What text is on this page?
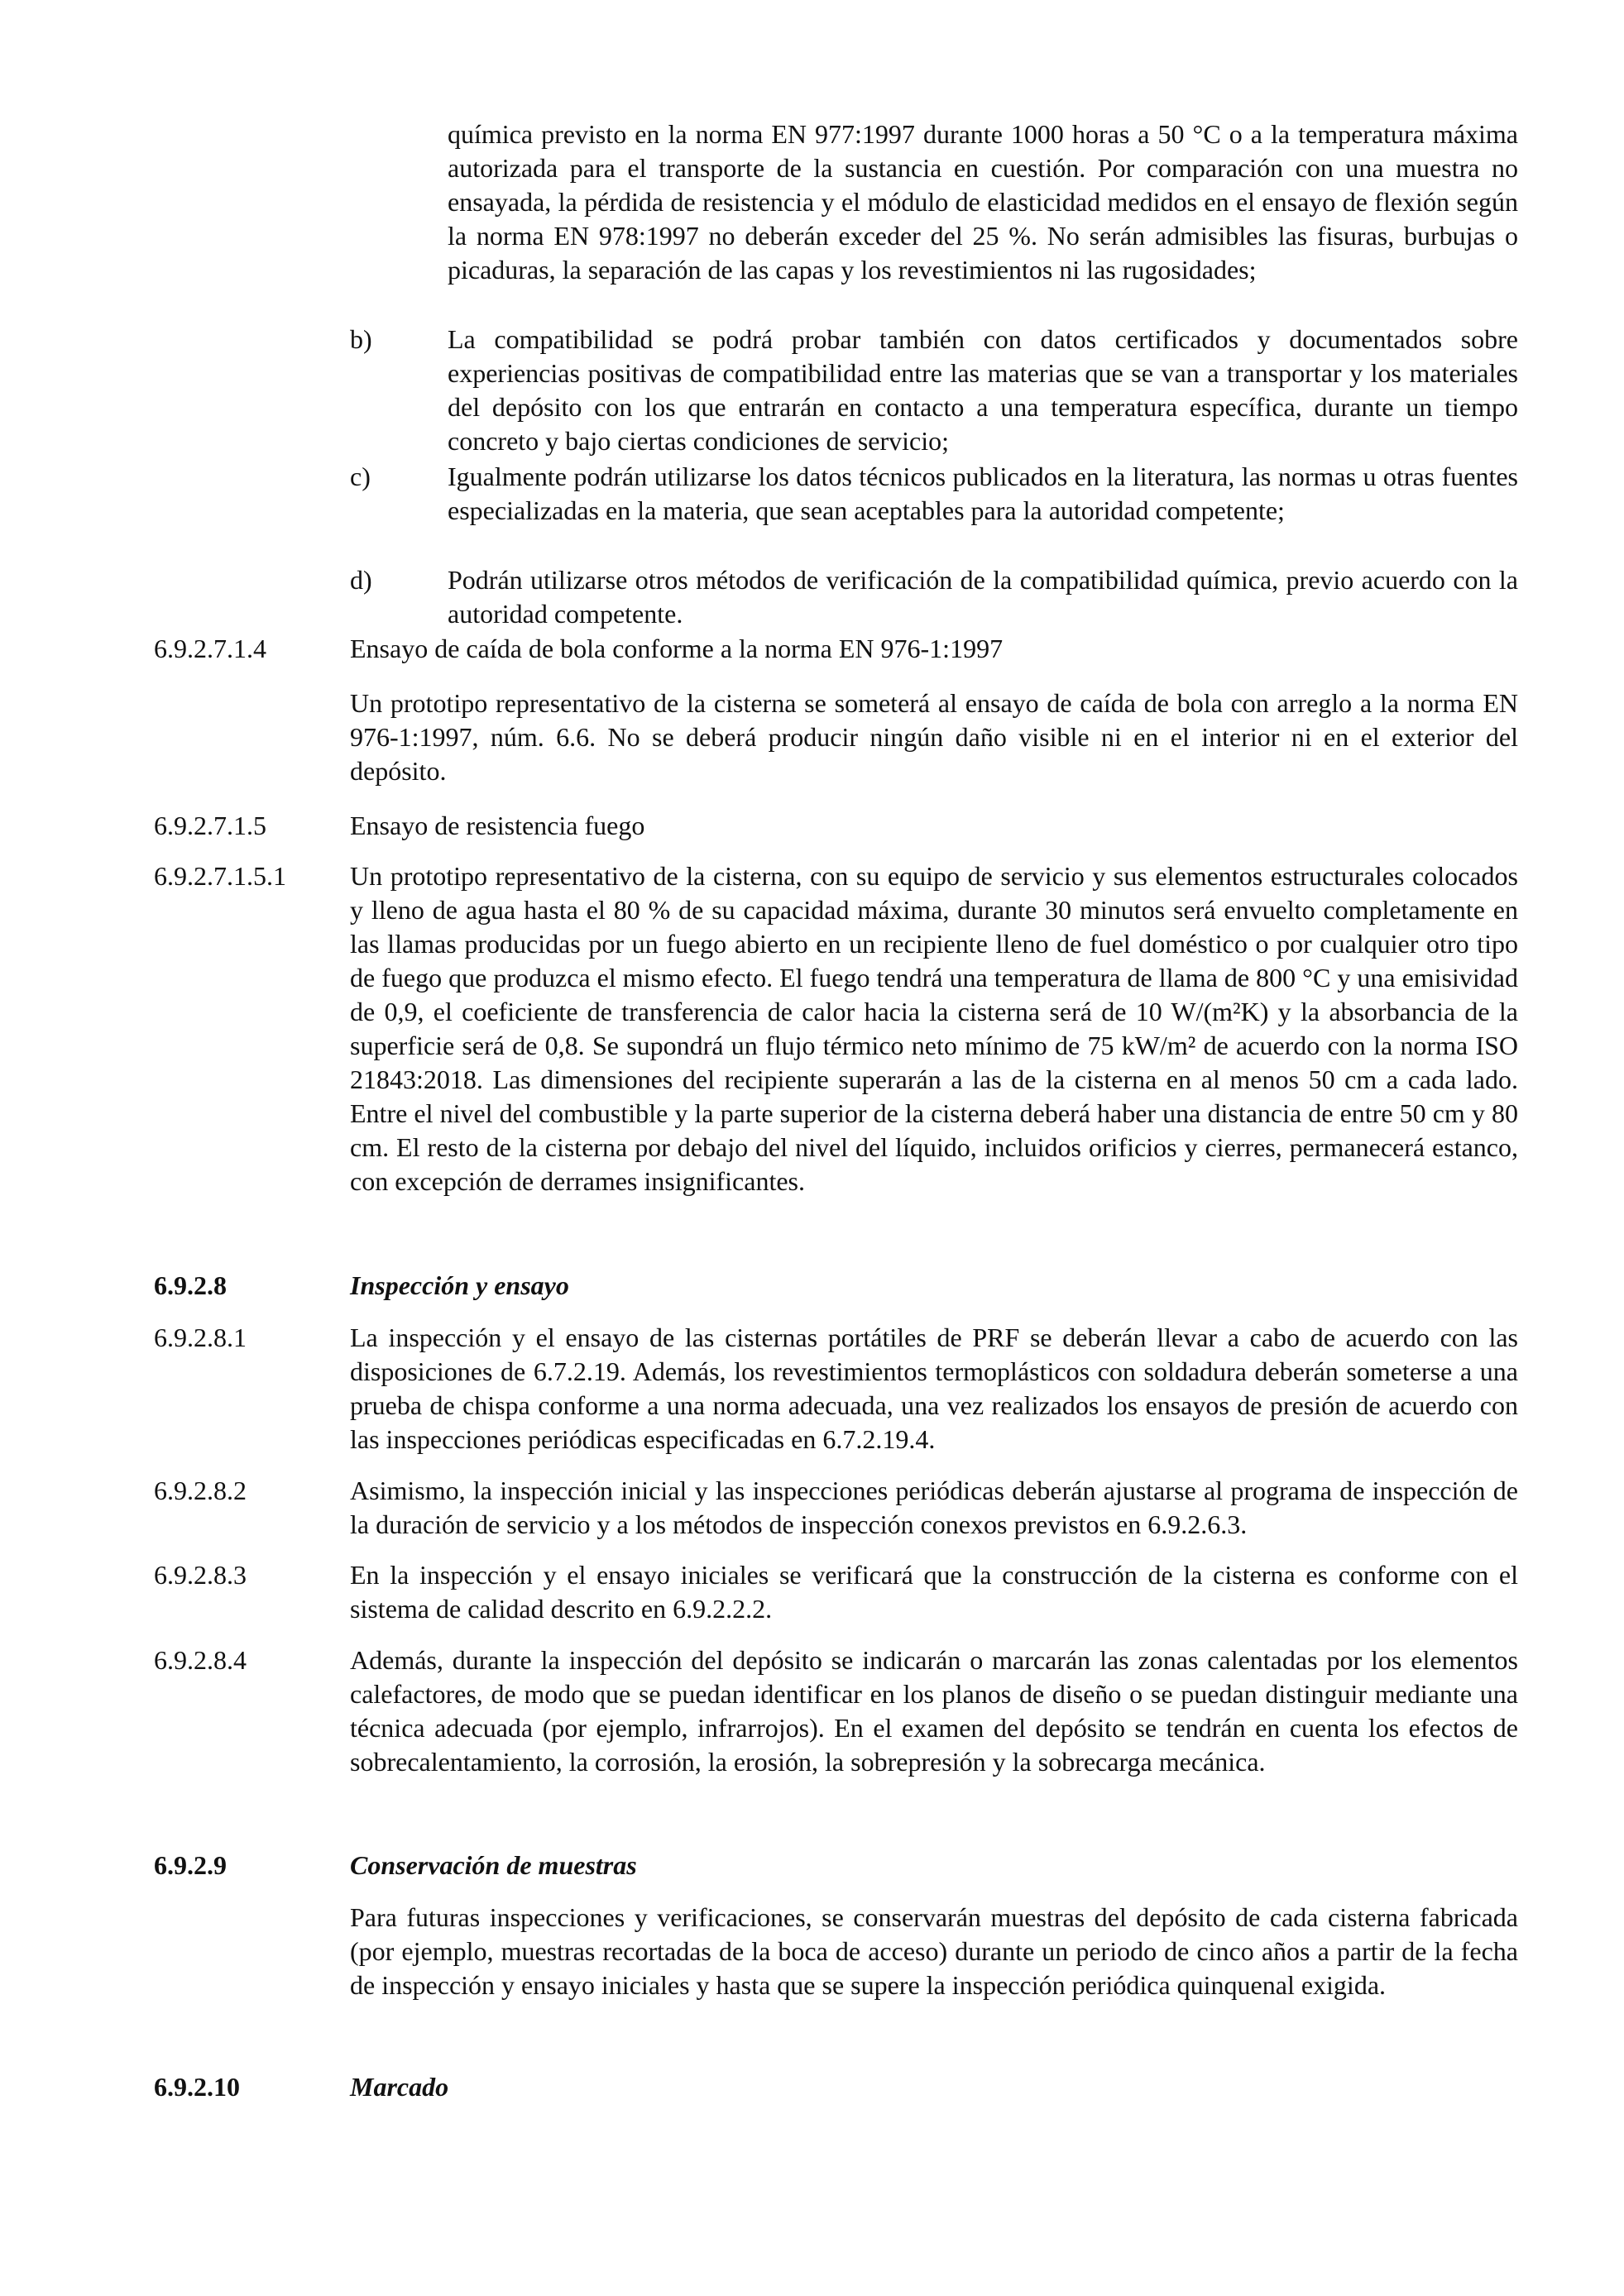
química previsto en la norma EN 977:1997 durante 1000 horas a 50 °C o a la temperatura máxima autorizada para el transporte de la sustancia en cuestión. Por comparación con una muestra no ensayada, la pérdida de resistencia y el módulo de elasticidad medidos en el ensayo de flexión según la norma EN 978:1997 no deberán exceder del 25 %. No serán admisibles las fisuras, burbujas o picaduras, la separación de las capas y los revestimientos ni las rugosidades;

b)	La compatibilidad se podrá probar también con datos certificados y documentados sobre experiencias positivas de compatibilidad entre las materias que se van a transportar y los materiales del depósito con los que entrarán en contacto a una temperatura específica, durante un tiempo concreto y bajo ciertas condiciones de servicio;

c)	Igualmente podrán utilizarse los datos técnicos publicados en la literatura, las normas u otras fuentes especializadas en la materia, que sean aceptables para la autoridad competente;

d)	Podrán utilizarse otros métodos de verificación de la compatibilidad química, previo acuerdo con la autoridad competente.

6.9.2.7.1.4	Ensayo de caída de bola conforme a la norma EN 976-1:1997

Un prototipo representativo de la cisterna se someterá al ensayo de caída de bola con arreglo a la norma EN 976-1:1997, núm. 6.6. No se deberá producir ningún daño visible ni en el interior ni en el exterior del depósito.

6.9.2.7.1.5	Ensayo de resistencia fuego
6.9.2.7.1.5.1 Un prototipo representativo de la cisterna, con su equipo de servicio y sus elementos estructurales colocados y lleno de agua hasta el 80 % de su capacidad máxima, durante 30 minutos será envuelto completamente en las llamas producidas por un fuego abierto en un recipiente lleno de fuel doméstico o por cualquier otro tipo de fuego que produzca el mismo efecto. El fuego tendrá una temperatura de llama de 800 °C y una emisividad de 0,9, el coeficiente de transferencia de calor hacia la cisterna será de 10 W/(m²K) y la absorbancia de la superficie será de 0,8. Se supondrá un flujo térmico neto mínimo de 75 kW/m² de acuerdo con la norma ISO 21843:2018. Las dimensiones del recipiente superarán a las de la cisterna en al menos 50 cm a cada lado. Entre el nivel del combustible y la parte superior de la cisterna deberá haber una distancia de entre 50 cm y 80 cm. El resto de la cisterna por debajo del nivel del líquido, incluidos orificios y cierres, permanecerá estanco, con excepción de derrames insignificantes.

6.9.2.8	Inspección y ensayo
6.9.2.8.1	La inspección y el ensayo de las cisternas portátiles de PRF se deberán llevar a cabo de acuerdo con las disposiciones de 6.7.2.19. Además, los revestimientos termoplásticos con soldadura deberán someterse a una prueba de chispa conforme a una norma adecuada, una vez realizados los ensayos de presión de acuerdo con las inspecciones periódicas especificadas en 6.7.2.19.4.

6.9.2.8.2	Asimismo, la inspección inicial y las inspecciones periódicas deberán ajustarse al programa de inspección de la duración de servicio y a los métodos de inspección conexos previstos en 6.9.2.6.3.

6.9.2.8.3	En la inspección y el ensayo iniciales se verificará que la construcción de la cisterna es conforme con el sistema de calidad descrito en 6.9.2.2.2.

6.9.2.8.4	Además, durante la inspección del depósito se indicarán o marcarán las zonas calentadas por los elementos calefactores, de modo que se puedan identificar en los planos de diseño o se puedan distinguir mediante una técnica adecuada (por ejemplo, infrarrojos). En el examen del depósito se tendrán en cuenta los efectos de sobrecalentamiento, la corrosión, la erosión, la sobrepresión y la sobrecarga mecánica.

6.9.2.9	Conservación de muestras

Para futuras inspecciones y verificaciones, se conservarán muestras del depósito de cada cisterna fabricada (por ejemplo, muestras recortadas de la boca de acceso) durante un periodo de cinco años a partir de la fecha de inspección y ensayo iniciales y hasta que se supere la inspección periódica quinquenal exigida.

6.9.2.10	Marcado
